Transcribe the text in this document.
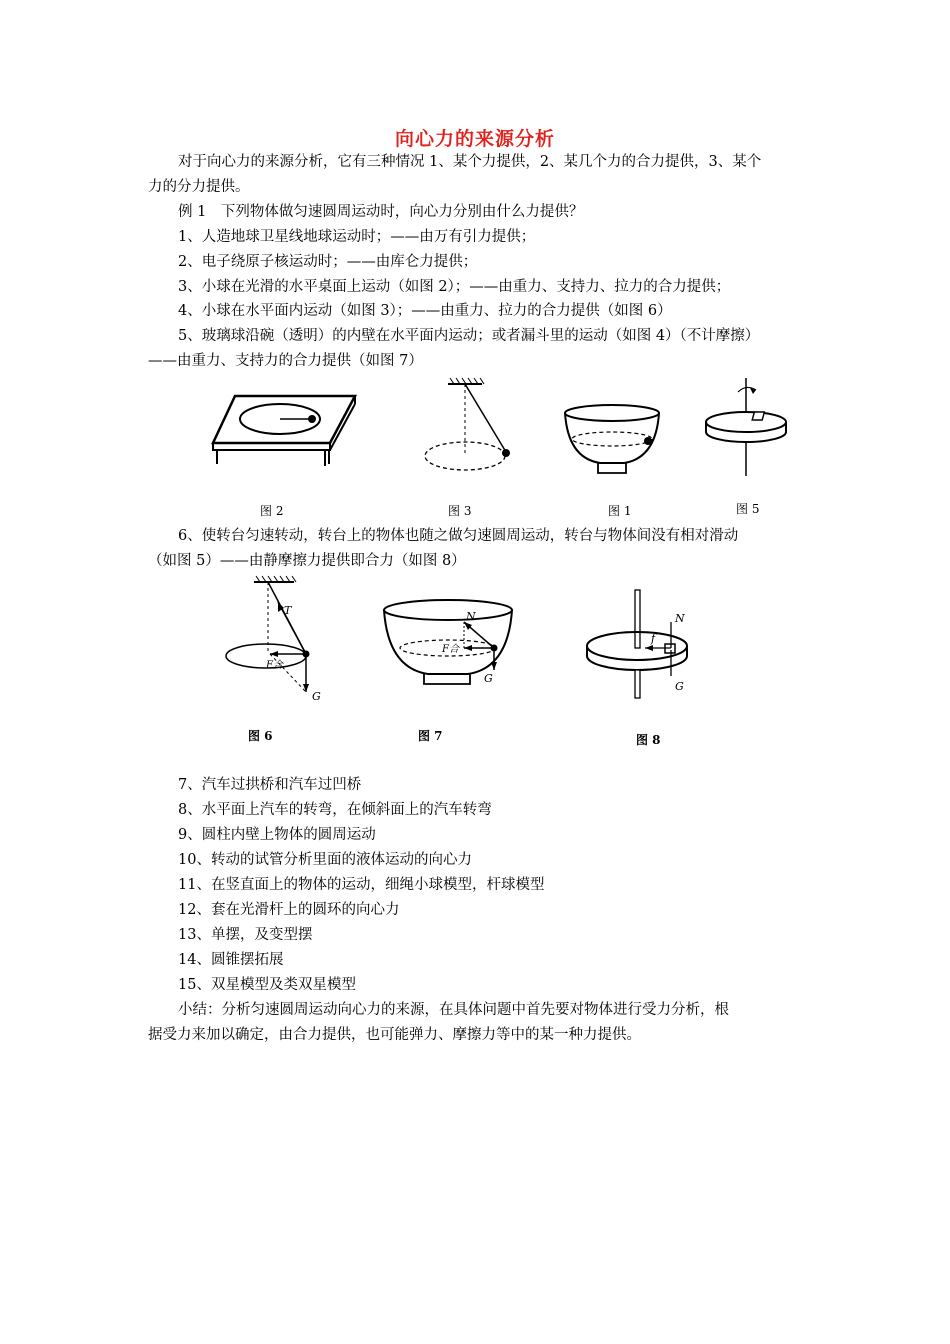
向心力的来源分析
对于向心力的来源分析，它有三种情况 1、某个力提供，2、某几个力的合力提供，3、某个
力的分力提供。
例 1　下列物体做匀速圆周运动时，向心力分别由什么力提供？
1、人造地球卫星线地球运动时；——由万有引力提供；
2、电子绕原子核运动时；——由库仑力提供；
3、小球在光滑的水平桌面上运动（如图 2）；——由重力、支持力、拉力的合力提供；
4、小球在水平面内运动（如图 3）；——由重力、拉力的合力提供（如图 6）
5、玻璃球沿碗（透明）的内壁在水平面内运动；或者漏斗里的运动（如图 4）（不计摩擦）
——由重力、支持力的合力提供（如图 7）
图 2	图 3	图 1	图 5
6、使转台匀速转动，转台上的物体也随之做匀速圆周运动，转台与物体间没有相对滑动
（如图 5）——由静摩擦力提供即合力（如图 8）
T
F合
G
图 6
N
F合
G
图 7
N
f
G
图 8
7、汽车过拱桥和汽车过凹桥
8、水平面上汽车的转弯，在倾斜面上的汽车转弯
9、圆柱内壁上物体的圆周运动
10、转动的试管分析里面的液体运动的向心力
11、在竖直面上的物体的运动，细绳小球模型，杆球模型
12、套在光滑杆上的圆环的向心力
13、单摆，及变型摆
14、圆锥摆拓展
15、双星模型及类双星模型
小结：分析匀速圆周运动向心力的来源，在具体问题中首先要对物体进行受力分析，根
据受力来加以确定，由合力提供，也可能弹力、摩擦力等中的某一种力提供。
